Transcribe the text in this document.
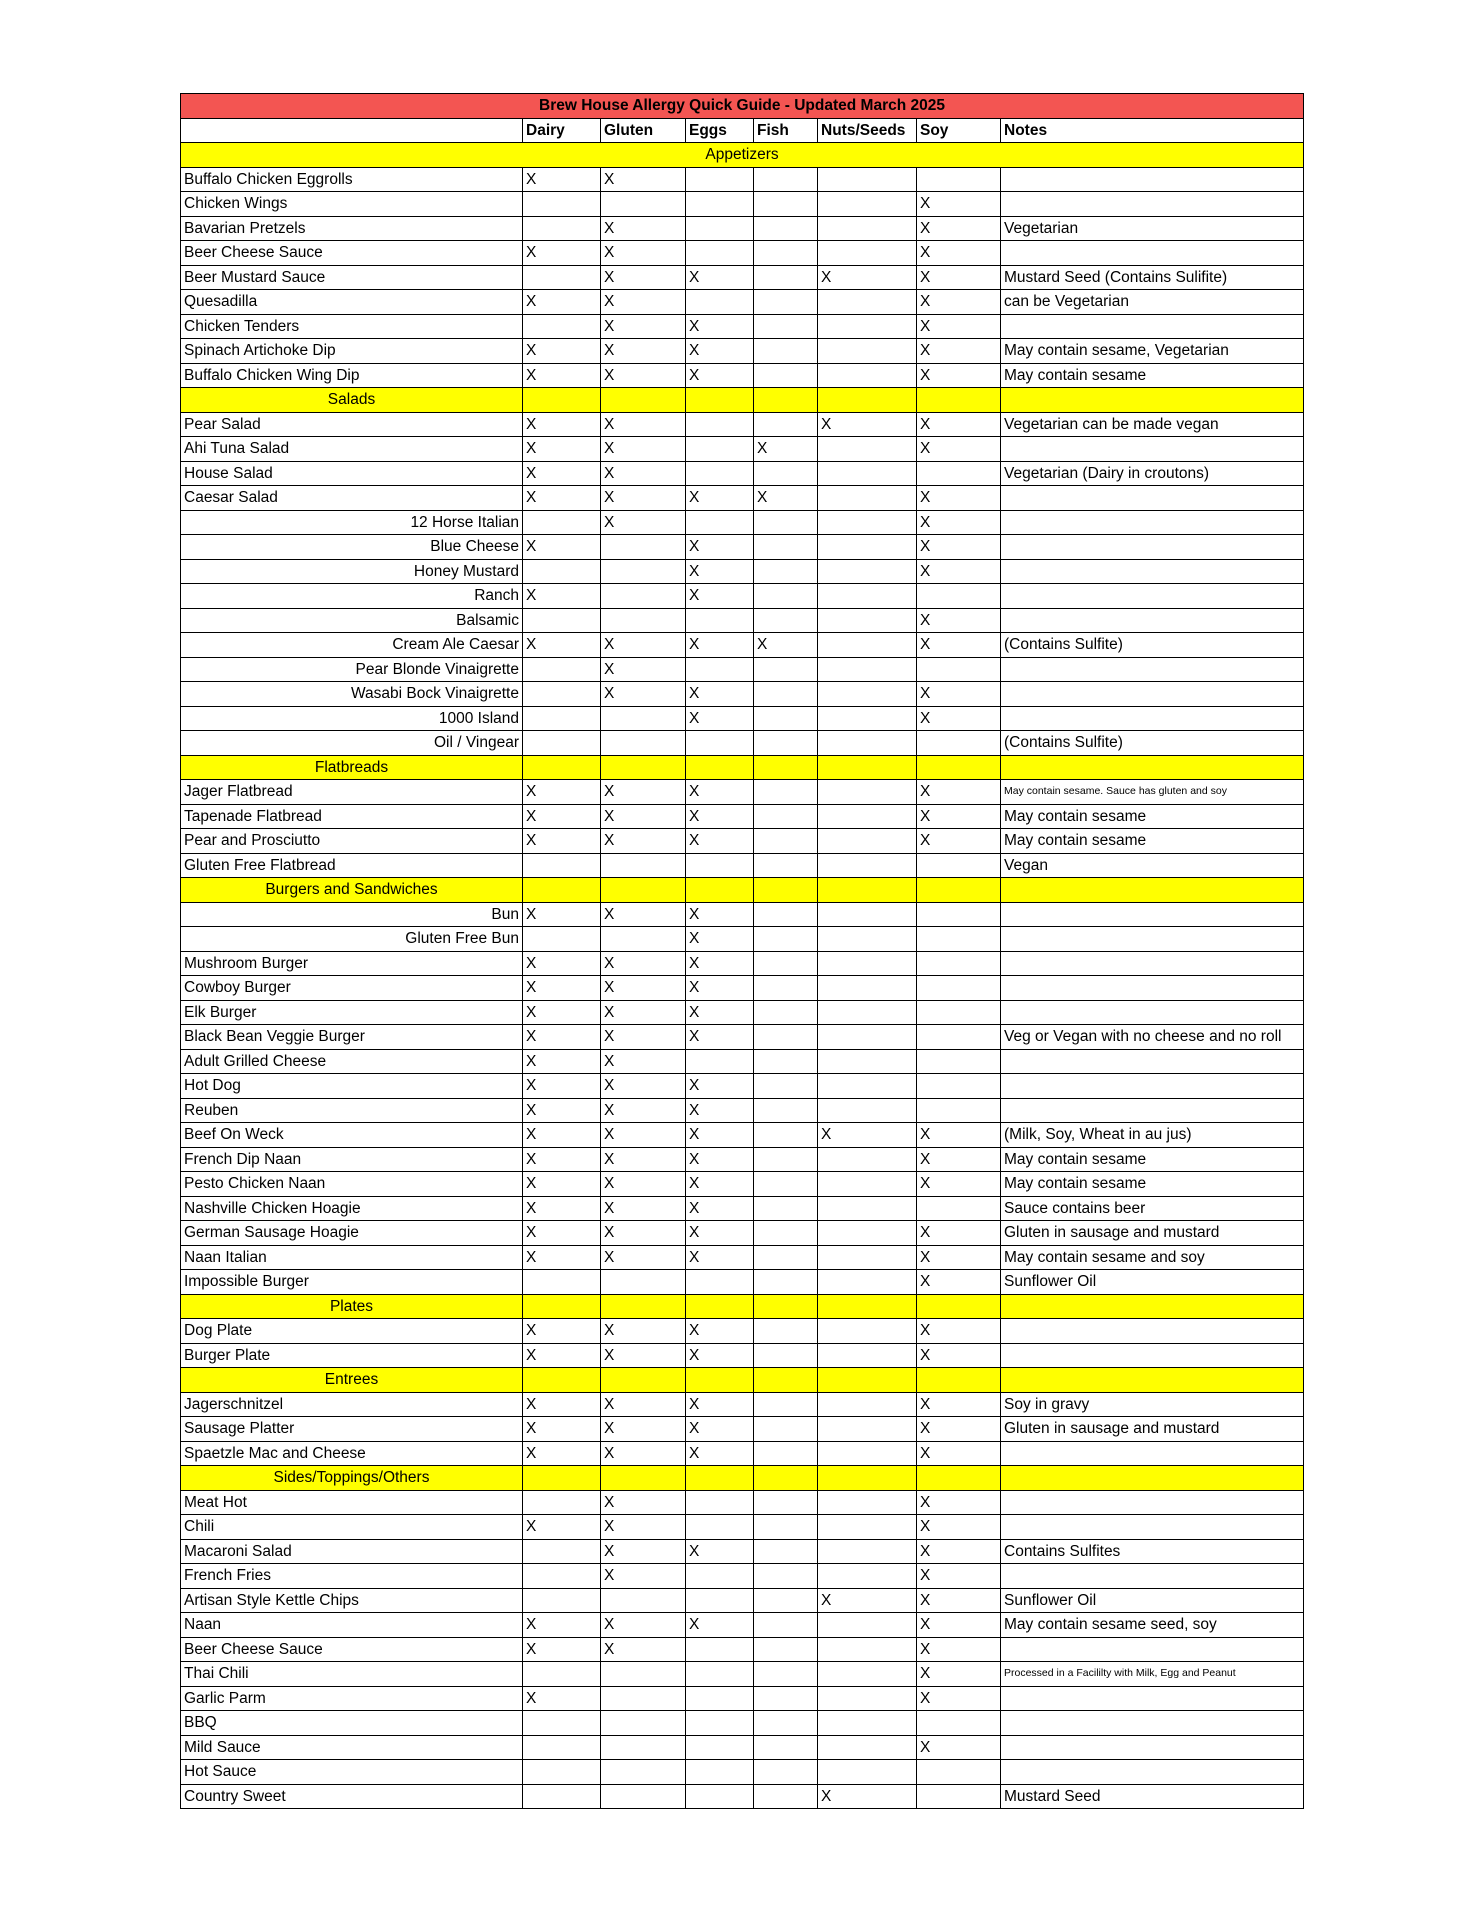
Brew House Allergy Quick Guide - Updated March 2025							
	Dairy	Gluten	Eggs	Fish	Nuts/Seeds	Soy	Notes
Appetizers							
Buffalo Chicken Eggrolls	X	X					
Chicken Wings						X	
Bavarian Pretzels		X				X	Vegetarian
Beer Cheese Sauce	X	X				X	
Beer Mustard Sauce		X	X		X	X	Mustard Seed (Contains Sulifite)
Quesadilla	X	X				X	can be Vegetarian
Chicken Tenders		X	X			X	
Spinach Artichoke Dip	X	X	X			X	May contain sesame, Vegetarian
Buffalo Chicken Wing Dip	X	X	X			X	May contain sesame
Salads							
Pear Salad	X	X			X	X	Vegetarian can be made vegan
Ahi Tuna Salad	X	X		X		X	
House Salad	X	X					Vegetarian (Dairy in croutons)
Caesar Salad	X	X	X	X		X	
12 Horse Italian		X				X	
Blue Cheese	X		X			X	
Honey Mustard			X			X	
Ranch	X		X				
Balsamic						X	
Cream Ale Caesar	X	X	X	X		X	(Contains Sulfite)
Pear Blonde Vinaigrette		X					
Wasabi Bock Vinaigrette		X	X			X	
1000 Island			X			X	
Oil / Vingear							(Contains Sulfite)
Flatbreads							
Jager Flatbread	X	X	X			X	May contain sesame. Sauce has gluten and soy
Tapenade Flatbread	X	X	X			X	May contain sesame
Pear and Prosciutto	X	X	X			X	May contain sesame
Gluten Free Flatbread							Vegan
Burgers and Sandwiches							
Bun	X	X	X				
Gluten Free Bun			X				
Mushroom Burger	X	X	X				
Cowboy Burger	X	X	X				
Elk Burger	X	X	X				
Black Bean Veggie Burger	X	X	X				Veg or Vegan with no cheese and no roll
Adult Grilled Cheese	X	X					
Hot Dog	X	X	X				
Reuben	X	X	X				
Beef On Weck	X	X	X		X	X	(Milk, Soy, Wheat in au jus)
French Dip Naan	X	X	X			X	May contain sesame
Pesto Chicken Naan	X	X	X			X	May contain sesame
Nashville Chicken Hoagie	X	X	X				Sauce contains beer
German Sausage Hoagie	X	X	X			X	Gluten in sausage and mustard
Naan Italian	X	X	X			X	May contain sesame and soy
Impossible Burger						X	Sunflower Oil
Plates							
Dog Plate	X	X	X			X	
Burger Plate	X	X	X			X	
Entrees							
Jagerschnitzel	X	X	X			X	Soy in gravy
Sausage Platter	X	X	X			X	Gluten in sausage and mustard
Spaetzle Mac and Cheese	X	X	X			X	
Sides/Toppings/Others							
Meat Hot		X				X	
Chili	X	X				X	
Macaroni Salad		X	X			X	Contains Sulfites
French Fries		X				X	
Artisan Style Kettle Chips					X	X	Sunflower Oil
Naan	X	X	X			X	May contain sesame seed, soy
Beer Cheese Sauce	X	X				X	
Thai Chili						X	Processed in a Facililty with Milk, Egg and Peanut
Garlic Parm	X					X	
BBQ							
Mild Sauce						X	
Hot Sauce							
Country Sweet					X		Mustard Seed
